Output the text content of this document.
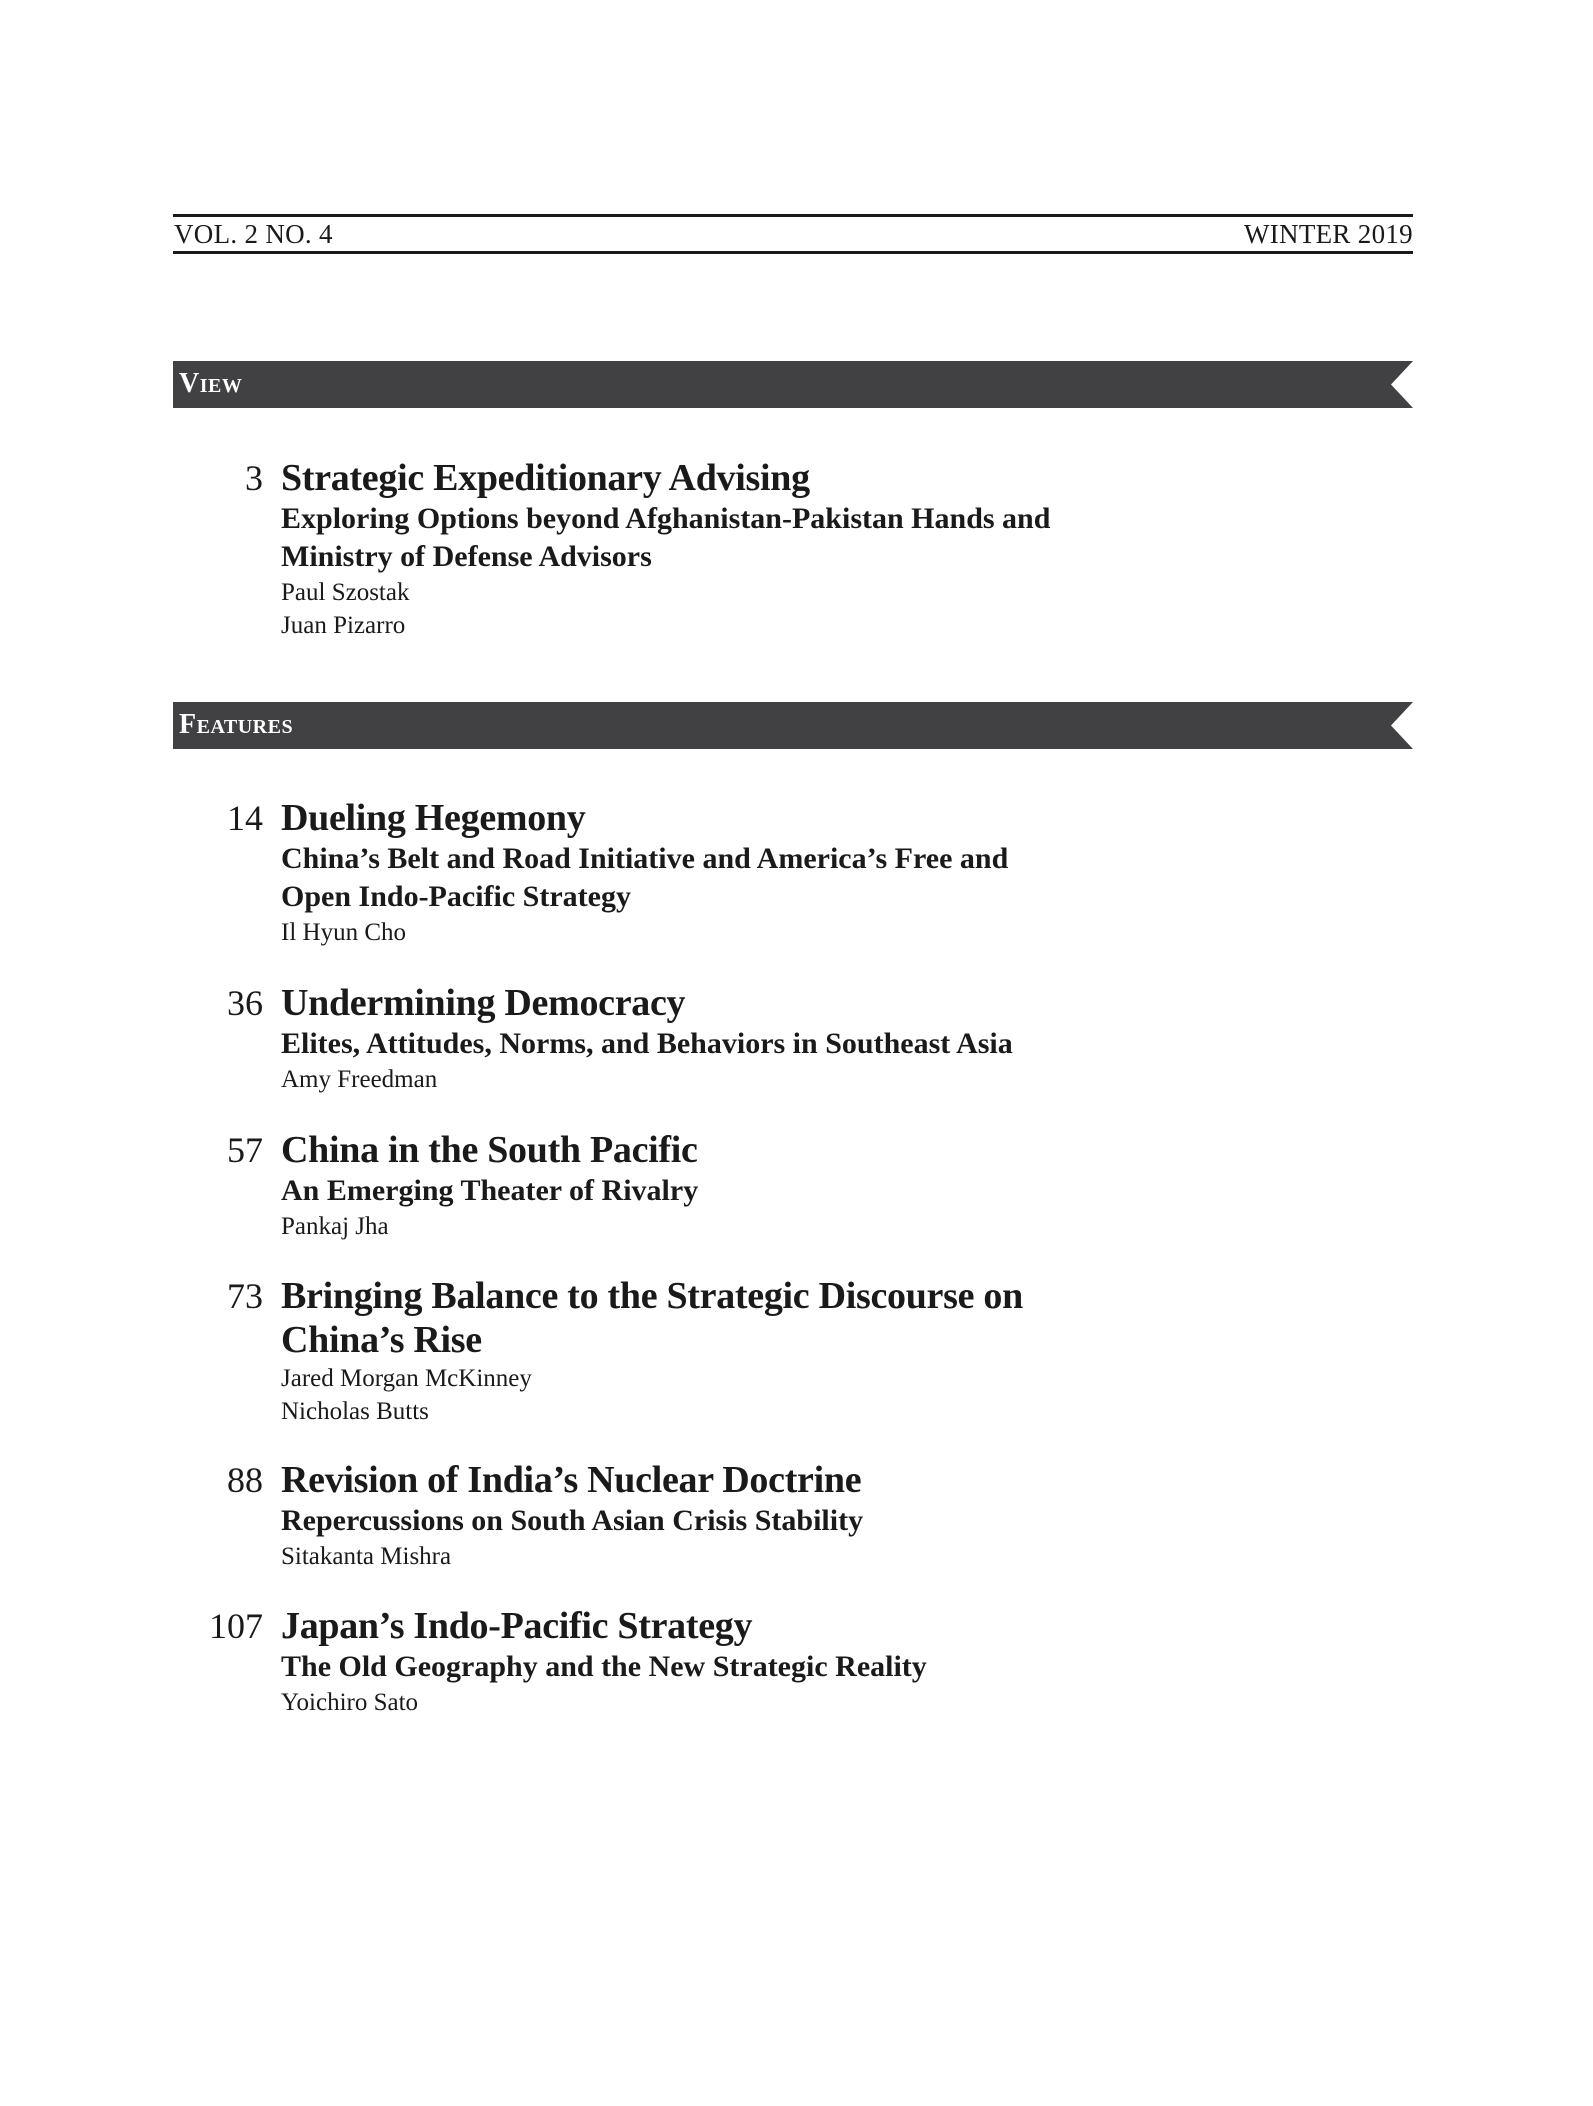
VOL. 2 NO. 4	WINTER 2019
View
3 Strategic Expeditionary Advising
Exploring Options beyond Afghanistan-Pakistan Hands and
Ministry of Defense Advisors
Paul Szostak
Juan Pizarro
Features
14 Dueling Hegemony
China’s Belt and Road Initiative and America’s Free and
Open Indo-Pacific Strategy
Il Hyun Cho
36 Undermining Democracy
Elites, Attitudes, Norms, and Behaviors in Southeast Asia
Amy Freedman
57 China in the South Pacific
An Emerging Theater of Rivalry
Pankaj Jha
73 Bringing Balance to the Strategic Discourse on
China’s Rise
Jared Morgan McKinney
Nicholas Butts
88 Revision of India’s Nuclear Doctrine
Repercussions on South Asian Crisis Stability
Sitakanta Mishra
107 Japan’s Indo-Pacific Strategy
The Old Geography and the New Strategic Reality
Yoichiro Sato
